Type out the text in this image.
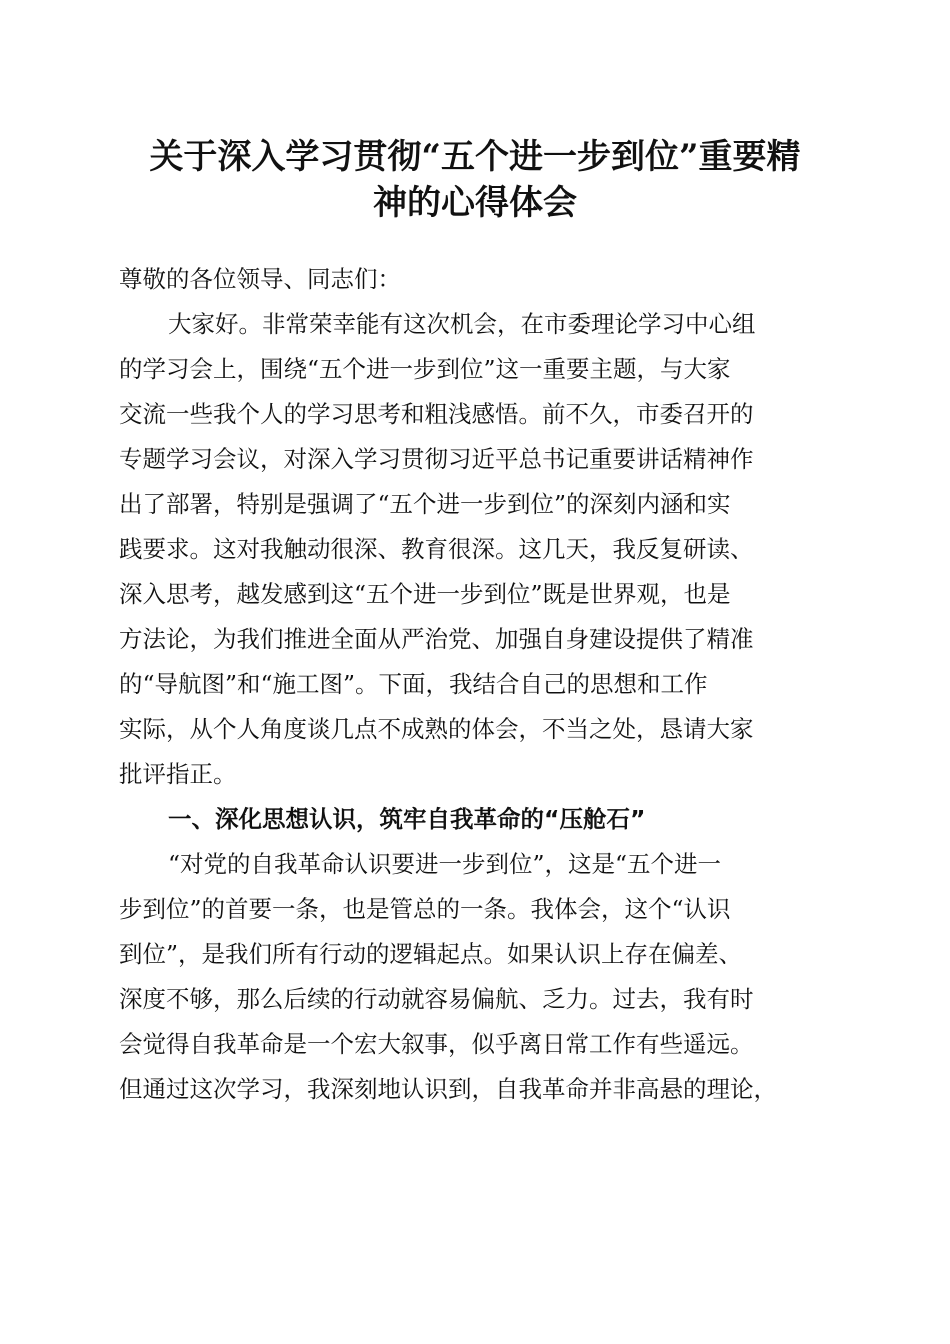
关于深入学习贯彻“五个进一步到位”重要精
神的心得体会
尊敬的各位领导、同志们：
大家好。非常荣幸能有这次机会，在市委理论学习中心组
的学习会上，围绕“五个进一步到位”这一重要主题，与大家
交流一些我个人的学习思考和粗浅感悟。前不久，市委召开的
专题学习会议，对深入学习贯彻习近平总书记重要讲话精神作
出了部署，特别是强调了“五个进一步到位”的深刻内涵和实
践要求。这对我触动很深、教育很深。这几天，我反复研读、
深入思考，越发感到这“五个进一步到位”既是世界观，也是
方法论，为我们推进全面从严治党、加强自身建设提供了精准
的“导航图”和“施工图”。下面，我结合自己的思想和工作
实际，从个人角度谈几点不成熟的体会，不当之处，恳请大家
批评指正。
一、深化思想认识，筑牢自我革命的“压舱石”
“对党的自我革命认识要进一步到位”，这是“五个进一
步到位”的首要一条，也是管总的一条。我体会，这个“认识
到位”，是我们所有行动的逻辑起点。如果认识上存在偏差、
深度不够，那么后续的行动就容易偏航、乏力。过去，我有时
会觉得自我革命是一个宏大叙事，似乎离日常工作有些遥远。
但通过这次学习，我深刻地认识到，自我革命并非高悬的理论，
